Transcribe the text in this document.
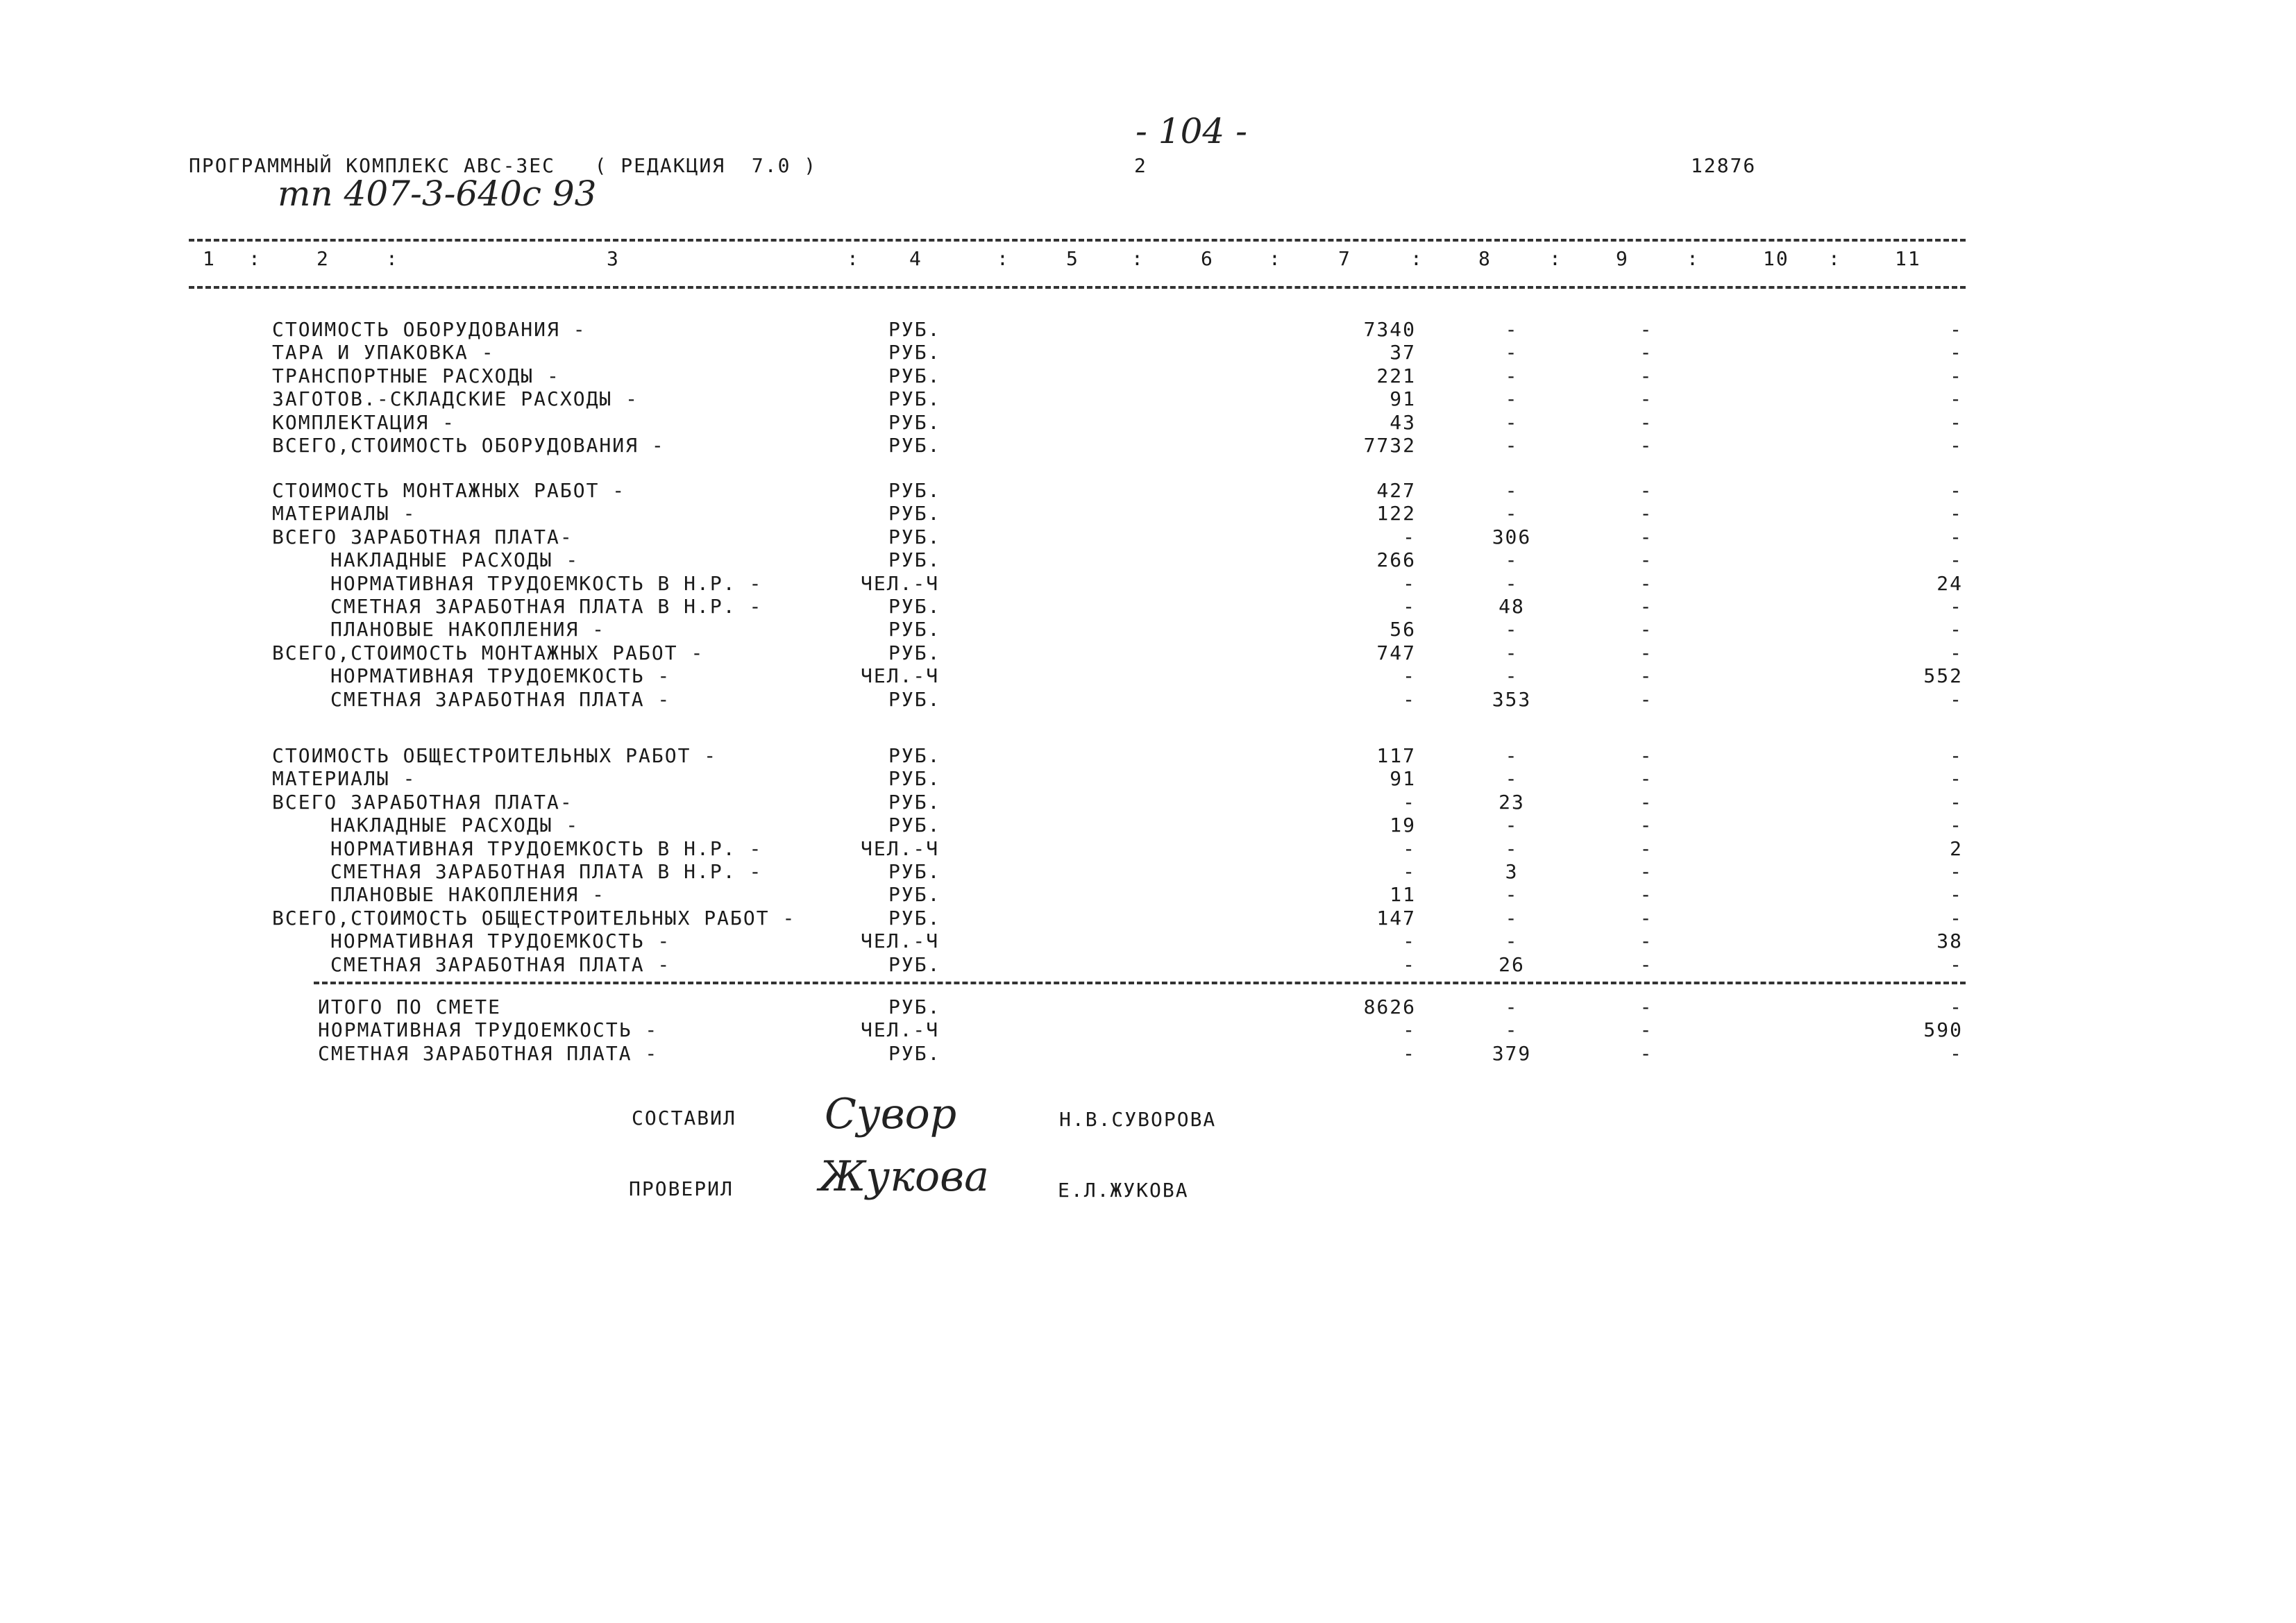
- 104 -
ПРОГРАММНЫЙ КОМПЛЕКС АВС-3ЕС   ( РЕДАКЦИЯ  7.0 )	2	12876
тп 407-3-640с 93
1	2	3	4	5	6	7	8	9	10	11
:	:	:	:	:	:	:	:	:	:
СТОИМОСТЬ ОБОРУДОВАНИЯ -	РУБ.	7340	-	-	-
ТАРА И УПАКОВКА -	РУБ.	37	-	-	-
ТРАНСПОРТНЫЕ РАСХОДЫ -	РУБ.	221	-	-	-
ЗАГОТОВ.-СКЛАДСКИЕ РАСХОДЫ -	РУБ.	91	-	-	-
КОМПЛЕКТАЦИЯ -	РУБ.	43	-	-	-
ВСЕГО,СТОИМОСТЬ ОБОРУДОВАНИЯ -	РУБ.	7732	-	-	-
СТОИМОСТЬ МОНТАЖНЫХ РАБОТ -	РУБ.	427	-	-	-
МАТЕРИАЛЫ -	РУБ.	122	-	-	-
ВСЕГО ЗАРАБОТНАЯ ПЛАТА-	РУБ.	-	306	-	-
НАКЛАДНЫЕ РАСХОДЫ -	РУБ.	266	-	-	-
НОРМАТИВНАЯ ТРУДОЕМКОСТЬ В Н.Р. -	ЧЕЛ.-Ч	-	-	-	24
СМЕТНАЯ ЗАРАБОТНАЯ ПЛАТА В Н.Р. -	РУБ.	-	48	-	-
ПЛАНОВЫЕ НАКОПЛЕНИЯ -	РУБ.	56	-	-	-
ВСЕГО,СТОИМОСТЬ МОНТАЖНЫХ РАБОТ -	РУБ.	747	-	-	-
НОРМАТИВНАЯ ТРУДОЕМКОСТЬ -	ЧЕЛ.-Ч	-	-	-	552
СМЕТНАЯ ЗАРАБОТНАЯ ПЛАТА -	РУБ.	-	353	-	-
СТОИМОСТЬ ОБЩЕСТРОИТЕЛЬНЫХ РАБОТ -	РУБ.	117	-	-	-
МАТЕРИАЛЫ -	РУБ.	91	-	-	-
ВСЕГО ЗАРАБОТНАЯ ПЛАТА-	РУБ.	-	23	-	-
НАКЛАДНЫЕ РАСХОДЫ -	РУБ.	19	-	-	-
НОРМАТИВНАЯ ТРУДОЕМКОСТЬ В Н.Р. -	ЧЕЛ.-Ч	-	-	-	2
СМЕТНАЯ ЗАРАБОТНАЯ ПЛАТА В Н.Р. -	РУБ.	-	3	-	-
ПЛАНОВЫЕ НАКОПЛЕНИЯ -	РУБ.	11	-	-	-
ВСЕГО,СТОИМОСТЬ ОБЩЕСТРОИТЕЛЬНЫХ РАБОТ -	РУБ.	147	-	-	-
НОРМАТИВНАЯ ТРУДОЕМКОСТЬ -	ЧЕЛ.-Ч	-	-	-	38
СМЕТНАЯ ЗАРАБОТНАЯ ПЛАТА -	РУБ.	-	26	-	-
ИТОГО ПО СМЕТЕ	РУБ.	8626	-	-	-
НОРМАТИВНАЯ ТРУДОЕМКОСТЬ -	ЧЕЛ.-Ч	-	-	-	590
СМЕТНАЯ ЗАРАБОТНАЯ ПЛАТА -	РУБ.	-	379	-	-
СОСТАВИЛ Сувор	Н.В.СУВОРОВА
ПРОВЕРИЛ Жукова	Е.Л.ЖУКОВА
